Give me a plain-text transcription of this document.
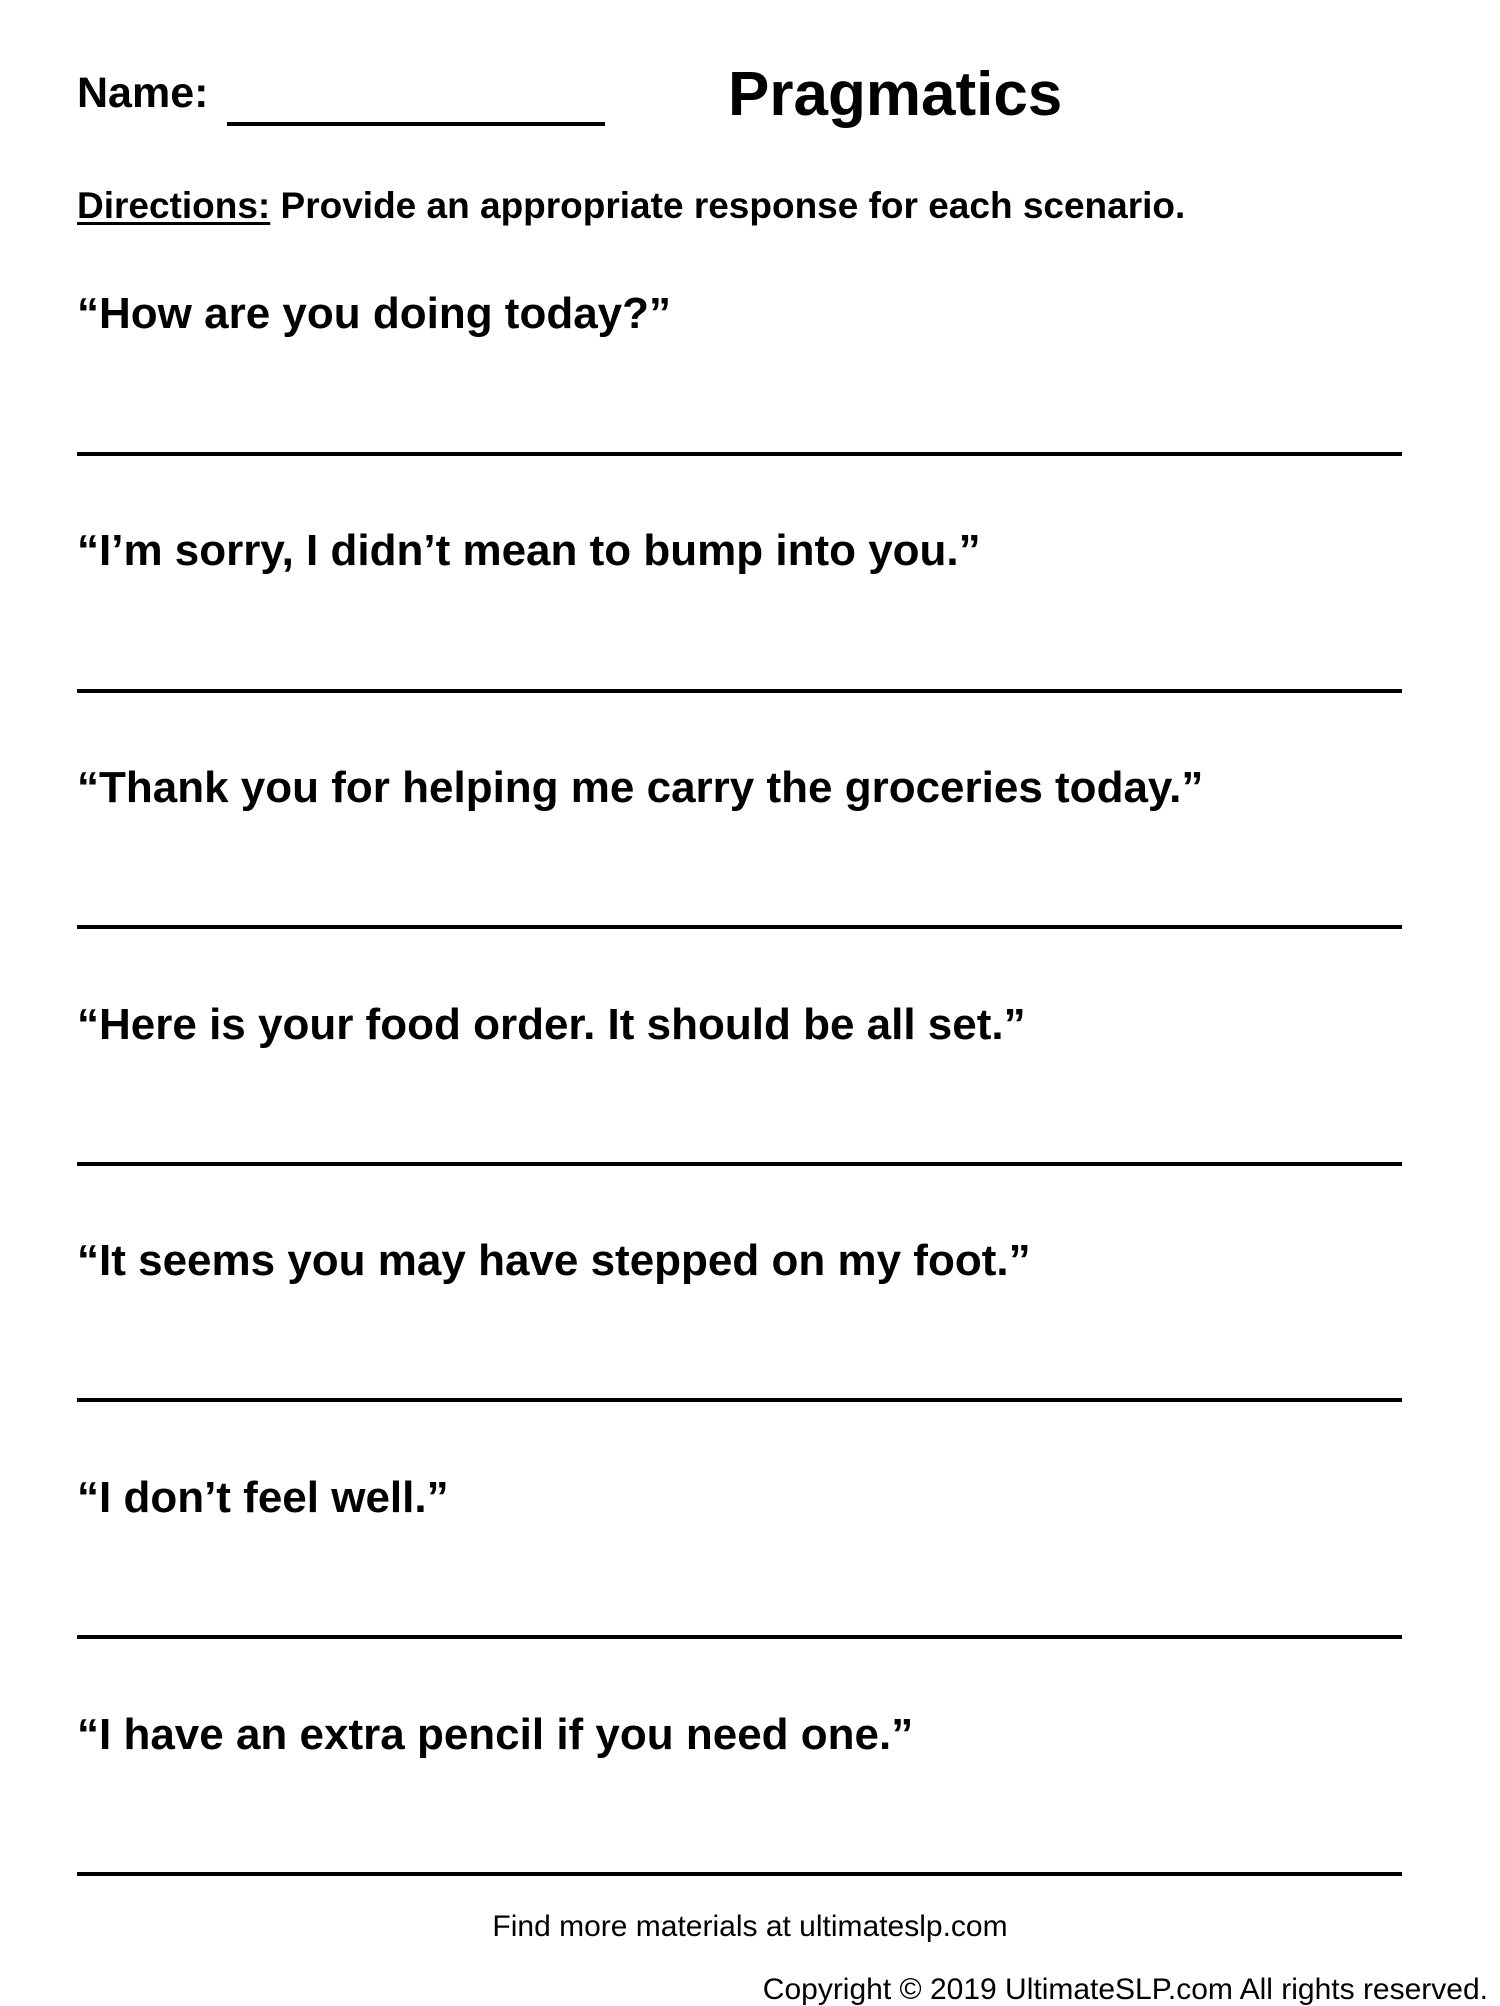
Name:	Pragmatics
Directions: Provide an appropriate response for each scenario.
“How are you doing today?”
“I’m sorry, I didn’t mean to bump into you.”
“Thank you for helping me carry the groceries today.”
“Here is your food order. It should be all set.”
“It seems you may have stepped on my foot.”
“I don’t feel well.”
“I have an extra pencil if you need one.”
Find more materials at ultimateslp.com
Copyright © 2019 UltimateSLP.com All rights reserved.
